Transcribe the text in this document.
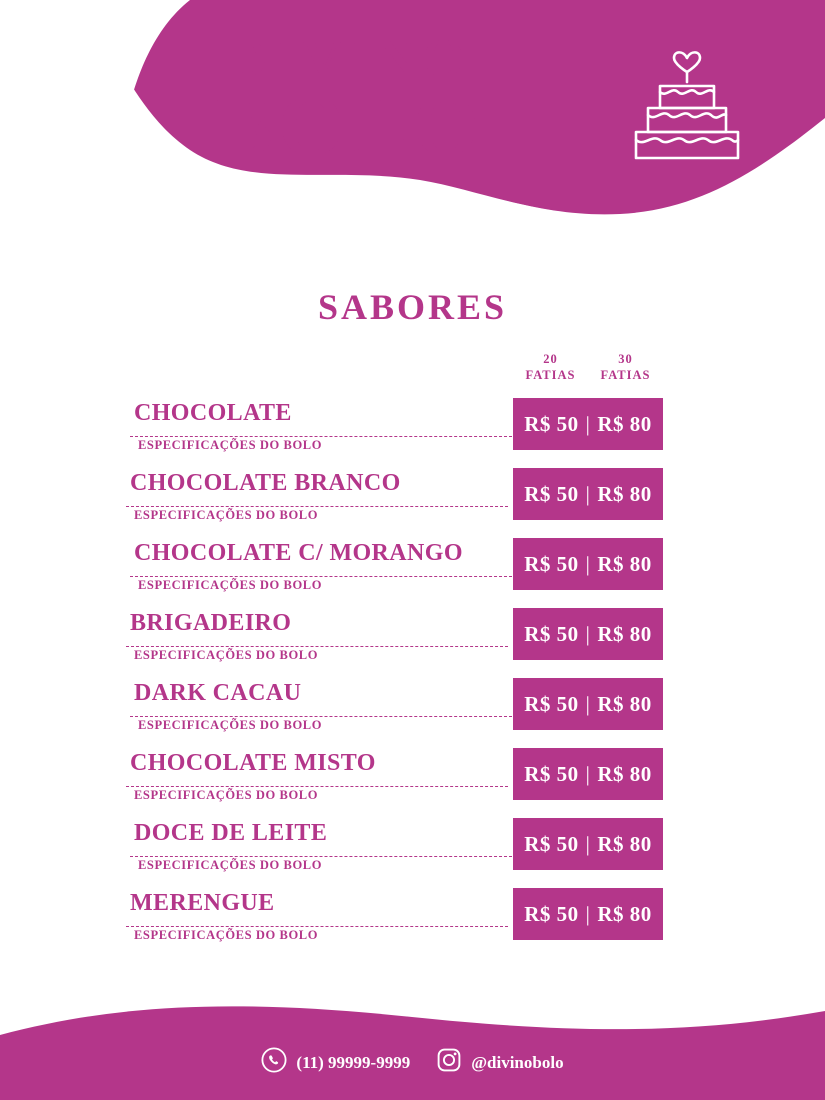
DIVINO
BOLO
SABORES
20
FATIAS
30
FATIAS
CHOCOLATE
ESPECIFICAÇÕES DO BOLO
R$ 50 | R$ 80
CHOCOLATE BRANCO
ESPECIFICAÇÕES DO BOLO
R$ 50 | R$ 80
CHOCOLATE C/ MORANGO
ESPECIFICAÇÕES DO BOLO
R$ 50 | R$ 80
BRIGADEIRO
ESPECIFICAÇÕES DO BOLO
R$ 50 | R$ 80
DARK CACAU
ESPECIFICAÇÕES DO BOLO
R$ 50 | R$ 80
CHOCOLATE MISTO
ESPECIFICAÇÕES DO BOLO
R$ 50 | R$ 80
DOCE DE LEITE
ESPECIFICAÇÕES DO BOLO
R$ 50 | R$ 80
MERENGUE
ESPECIFICAÇÕES DO BOLO
R$ 50 | R$ 80
(11) 99999-9999	@divinobolo
